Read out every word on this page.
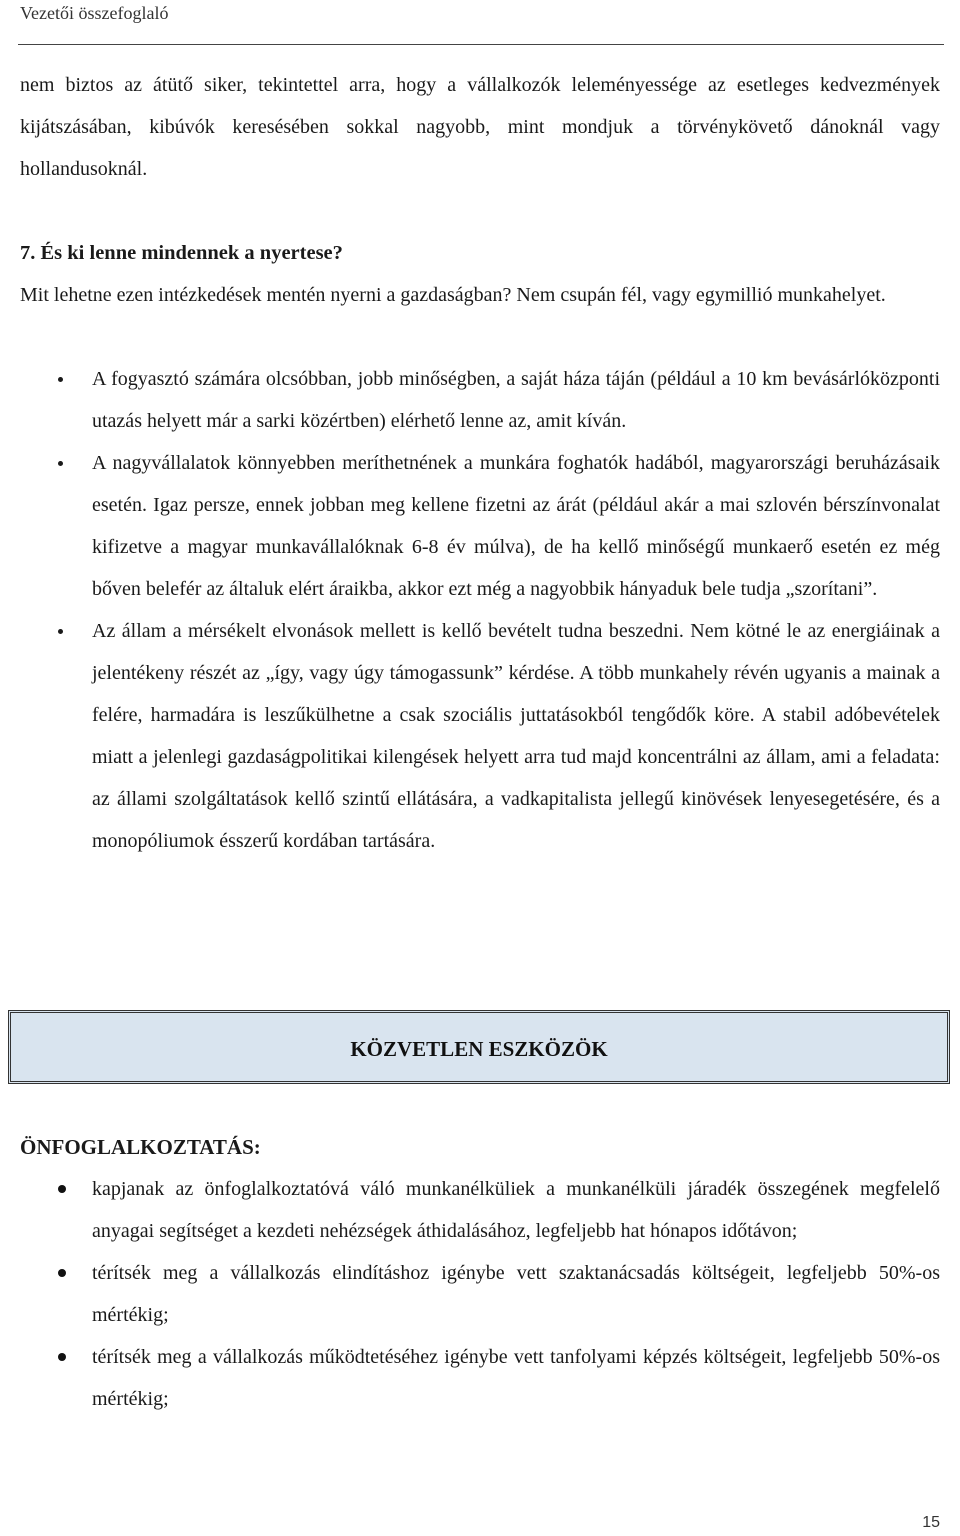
Vezetői összefoglaló

nem biztos az átütő siker, tekintettel arra, hogy a vállalkozók leleményessége az esetleges kedvezmények kijátszásában, kibúvók keresésében sokkal nagyobb, mint mondjuk a törvénykövető dánoknál vagy hollandusoknál.

7. És ki lenne mindennek a nyertese?

Mit lehetne ezen intézkedések mentén nyerni a gazdaságban? Nem csupán fél, vagy egymillió munkahelyet.

A fogyasztó számára olcsóbban, jobb minőségben, a saját háza táján (például a 10 km bevásárlóközponti utazás helyett már a sarki közértben) elérhető lenne az, amit kíván.
A nagyvállalatok könnyebben meríthetnének a munkára foghatók hadából, magyarországi beruházásaik esetén. Igaz persze, ennek jobban meg kellene fizetni az árát (például akár a mai szlovén bérszínvonalat kifizetve a magyar munkavállalóknak 6-8 év múlva), de ha kellő minőségű munkaerő esetén ez még bőven belefér az általuk elért áraikba, akkor ezt még a nagyobbik hányaduk bele tudja „szorítani”.
Az állam a mérsékelt elvonások mellett is kellő bevételt tudna beszedni. Nem kötné le az energiáinak a jelentékeny részét az „így, vagy úgy támogassunk” kérdése. A több munkahely révén ugyanis a mainak a felére, harmadára is leszűkülhetne a csak szociális juttatásokból tengődők köre. A stabil adóbevételek miatt a jelenlegi gazdaságpolitikai kilengések helyett arra tud majd koncentrálni az állam, ami a feladata: az állami szolgáltatások kellő szintű ellátására, a vadkapitalista jellegű kinövések lenyesegetésére, és a monopóliumok ésszerű kordában tartására.
KÖZVETLEN ESZKÖZÖK
ÖNFOGLALKOZTATÁS:
kapjanak az önfoglalkoztatóvá váló munkanélküliek a munkanélküli járadék összegének megfelelő anyagai segítséget a kezdeti nehézségek áthidalásához, legfeljebb hat hónapos időtávon;
térítsék meg a vállalkozás elindításhoz igénybe vett szaktanácsadás költségeit, legfeljebb 50%-os mértékig;
térítsék meg a vállalkozás működtetéséhez igénybe vett tanfolyami képzés költségeit, legfeljebb 50%-os mértékig;
15
